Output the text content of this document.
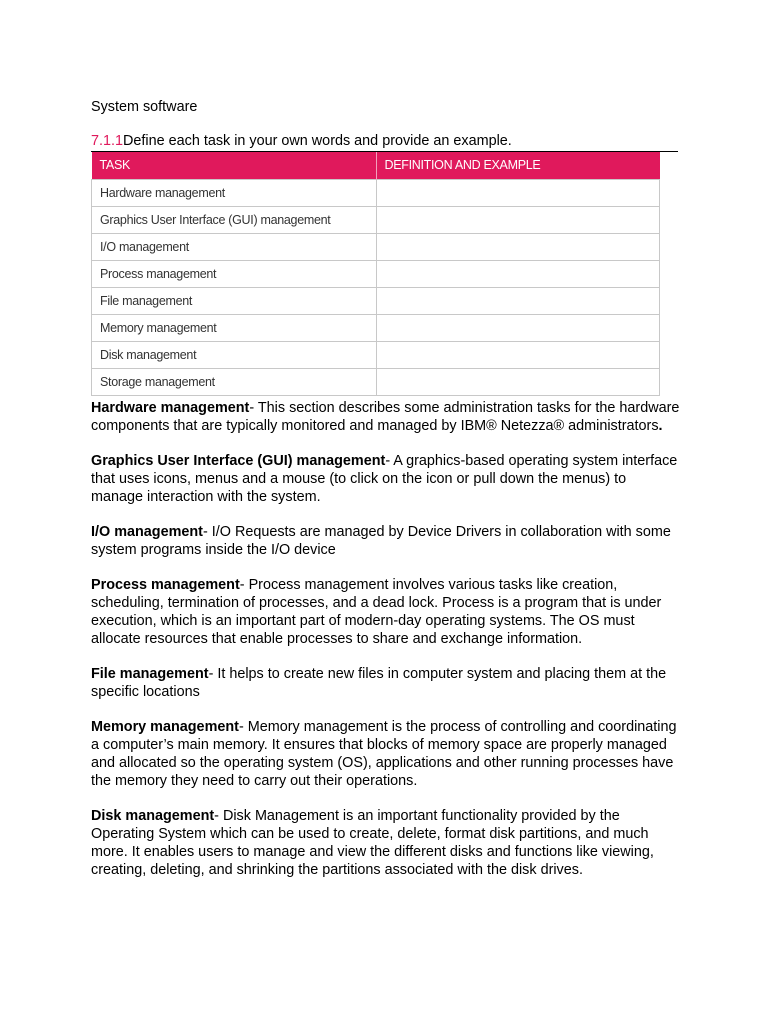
System software

7.1.1Define each task in your own words and provide an example.

TASK	DEFINITION AND EXAMPLE
Hardware management	
Graphics User Interface (GUI) management	
I/O management	
Process management	
File management	
Memory management	
Disk management	
Storage management	

Hardware management- This section describes some administration tasks for the hardware components that are typically monitored and managed by IBM® Netezza® administrators.

Graphics User Interface (GUI) management- A graphics-based operating system interface that uses icons, menus and a mouse (to click on the icon or pull down the menus) to manage interaction with the system.

I/O management- I/O Requests are managed by Device Drivers in collaboration with some system programs inside the I/O device

Process management- Process management involves various tasks like creation, scheduling, termination of processes, and a dead lock. Process is a program that is under execution, which is an important part of modern-day operating systems. The OS must allocate resources that enable processes to share and exchange information.

File management- It helps to create new files in computer system and placing them at the specific locations

Memory management- Memory management is the process of controlling and coordinating a computer’s main memory. It ensures that blocks of memory space are properly managed and allocated so the operating system (OS), applications and other running processes have the memory they need to carry out their operations.

Disk management- Disk Management is an important functionality provided by the Operating System which can be used to create, delete, format disk partitions, and much more. It enables users to manage and view the different disks and functions like viewing, creating, deleting, and shrinking the partitions associated with the disk drives.
